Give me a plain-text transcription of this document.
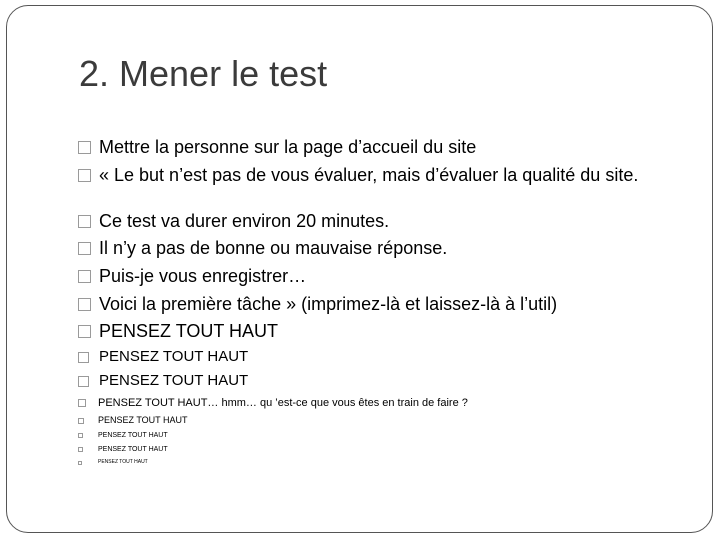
2. Mener le test
Mettre la personne sur la page d’accueil du site
« Le but n’est pas de vous évaluer, mais d’évaluer la qualité du site.
Ce test va durer environ 20 minutes.
Il n’y a pas de bonne ou mauvaise réponse.
Puis-je vous enregistrer…
Voici la première tâche » (imprimez-là et laissez-là à l’util)
PENSEZ TOUT HAUT
PENSEZ TOUT HAUT
PENSEZ TOUT HAUT
PENSEZ TOUT HAUT… hmm… qu ’est-ce que vous êtes en train de faire ?
PENSEZ TOUT HAUT
PENSEZ TOUT HAUT
PENSEZ TOUT HAUT
PENSEZ TOUT HAUT
